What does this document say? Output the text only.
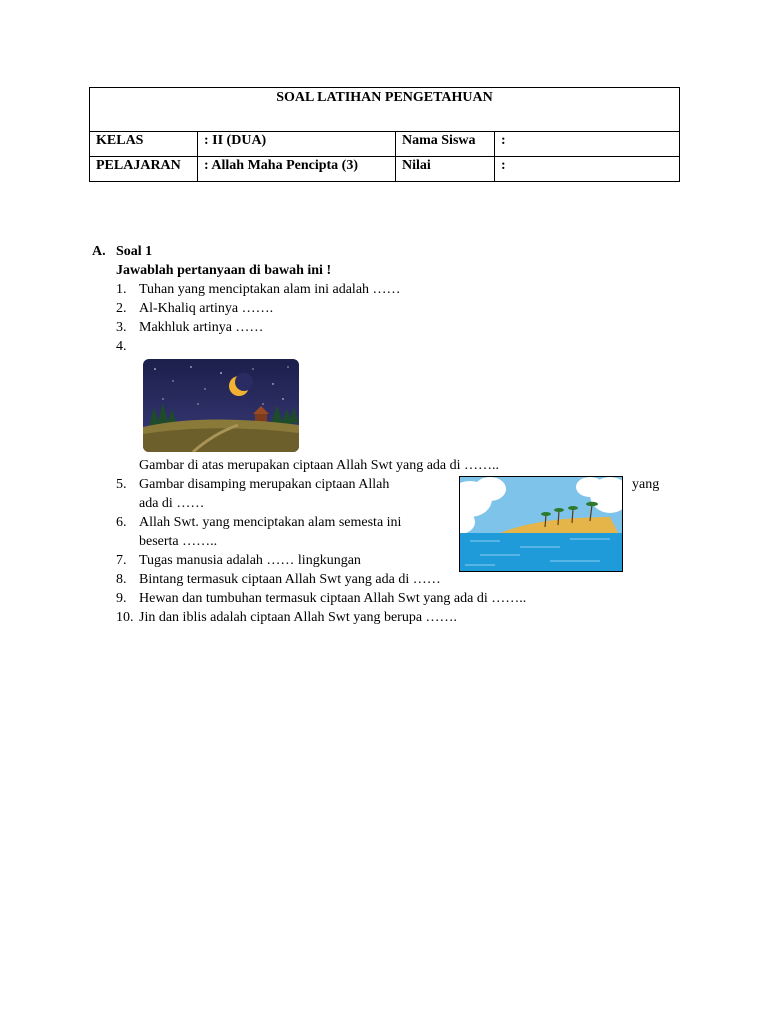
SOAL LATIHAN PENGETAHUAN			
KELAS	: II (DUA)	Nama Siswa	:
PELAJARAN	: Allah Maha Pencipta (3)	Nilai	:
A. Soal 1
Jawablah pertanyaan di bawah ini !
1. Tuhan yang menciptakan alam ini adalah ……
2. Al-Khaliq artinya …….
3. Makhluk artinya ……
4.
Gambar di atas merupakan ciptaan Allah Swt yang ada di ……..
5. Gambar disamping merupakan ciptaan Allah	yang
ada di ……
6. Allah Swt. yang menciptakan alam semesta ini
beserta ……..
7. Tugas manusia adalah …… lingkungan
8. Bintang termasuk ciptaan Allah Swt yang ada di ……
9. Hewan dan tumbuhan termasuk ciptaan Allah Swt yang ada di ……..
10. Jin dan iblis adalah ciptaan Allah Swt yang berupa …….
